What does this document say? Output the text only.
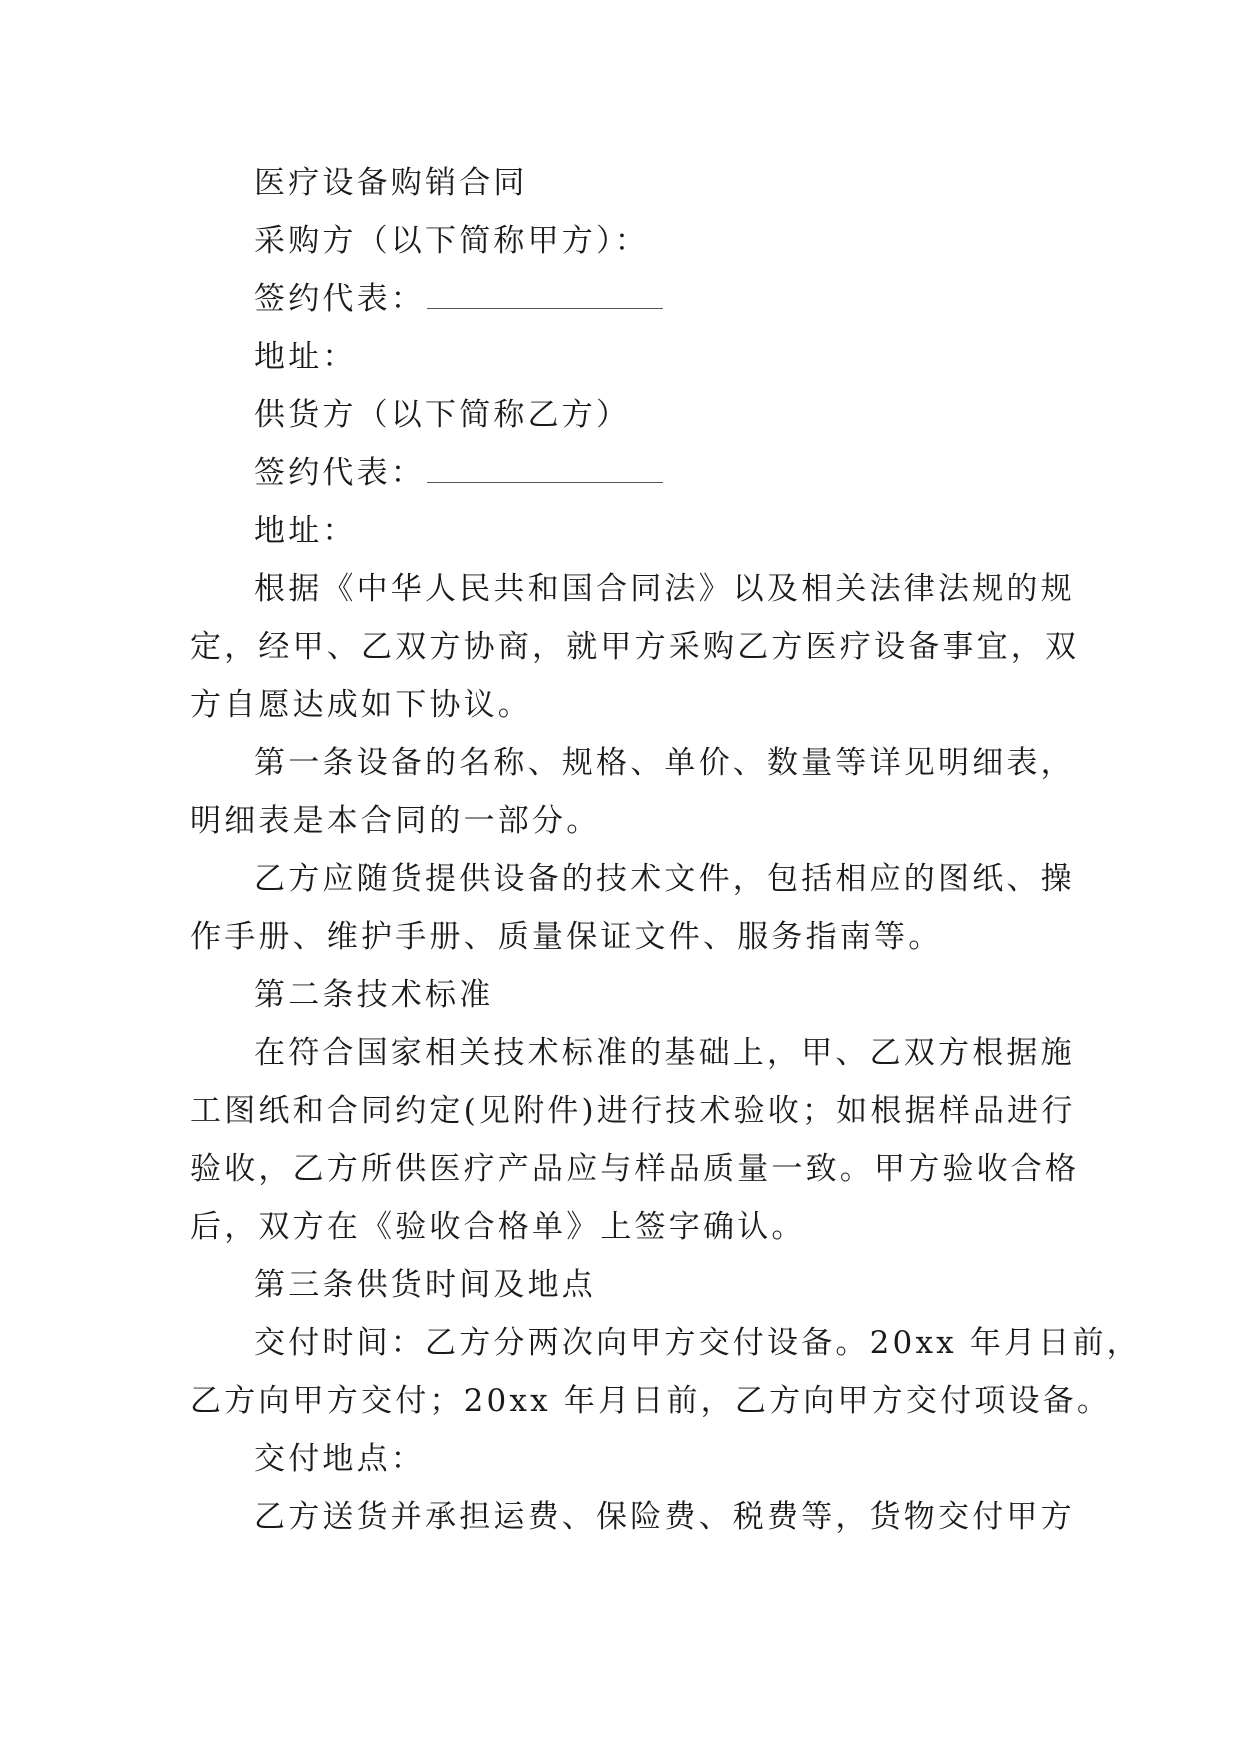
医疗设备购销合同
采购方（以下简称甲方）：
签约代表：
地址：
供货方（以下简称乙方）
签约代表：
地址：
根据《中华人民共和国合同法》以及相关法律法规的规
定，经甲、乙双方协商，就甲方采购乙方医疗设备事宜，双
方自愿达成如下协议。
第一条设备的名称、规格、单价、数量等详见明细表，
明细表是本合同的一部分。
乙方应随货提供设备的技术文件，包括相应的图纸、操
作手册、维护手册、质量保证文件、服务指南等。
第二条技术标准
在符合国家相关技术标准的基础上，甲、乙双方根据施
工图纸和合同约定(见附件)进行技术验收；如根据样品进行
验收，乙方所供医疗产品应与样品质量一致。甲方验收合格
后，双方在《验收合格单》上签字确认。
第三条供货时间及地点
交付时间：乙方分两次向甲方交付设备。20xx 年月日前，
乙方向甲方交付；20xx 年月日前，乙方向甲方交付项设备。
交付地点：
乙方送货并承担运费、保险费、税费等，货物交付甲方
